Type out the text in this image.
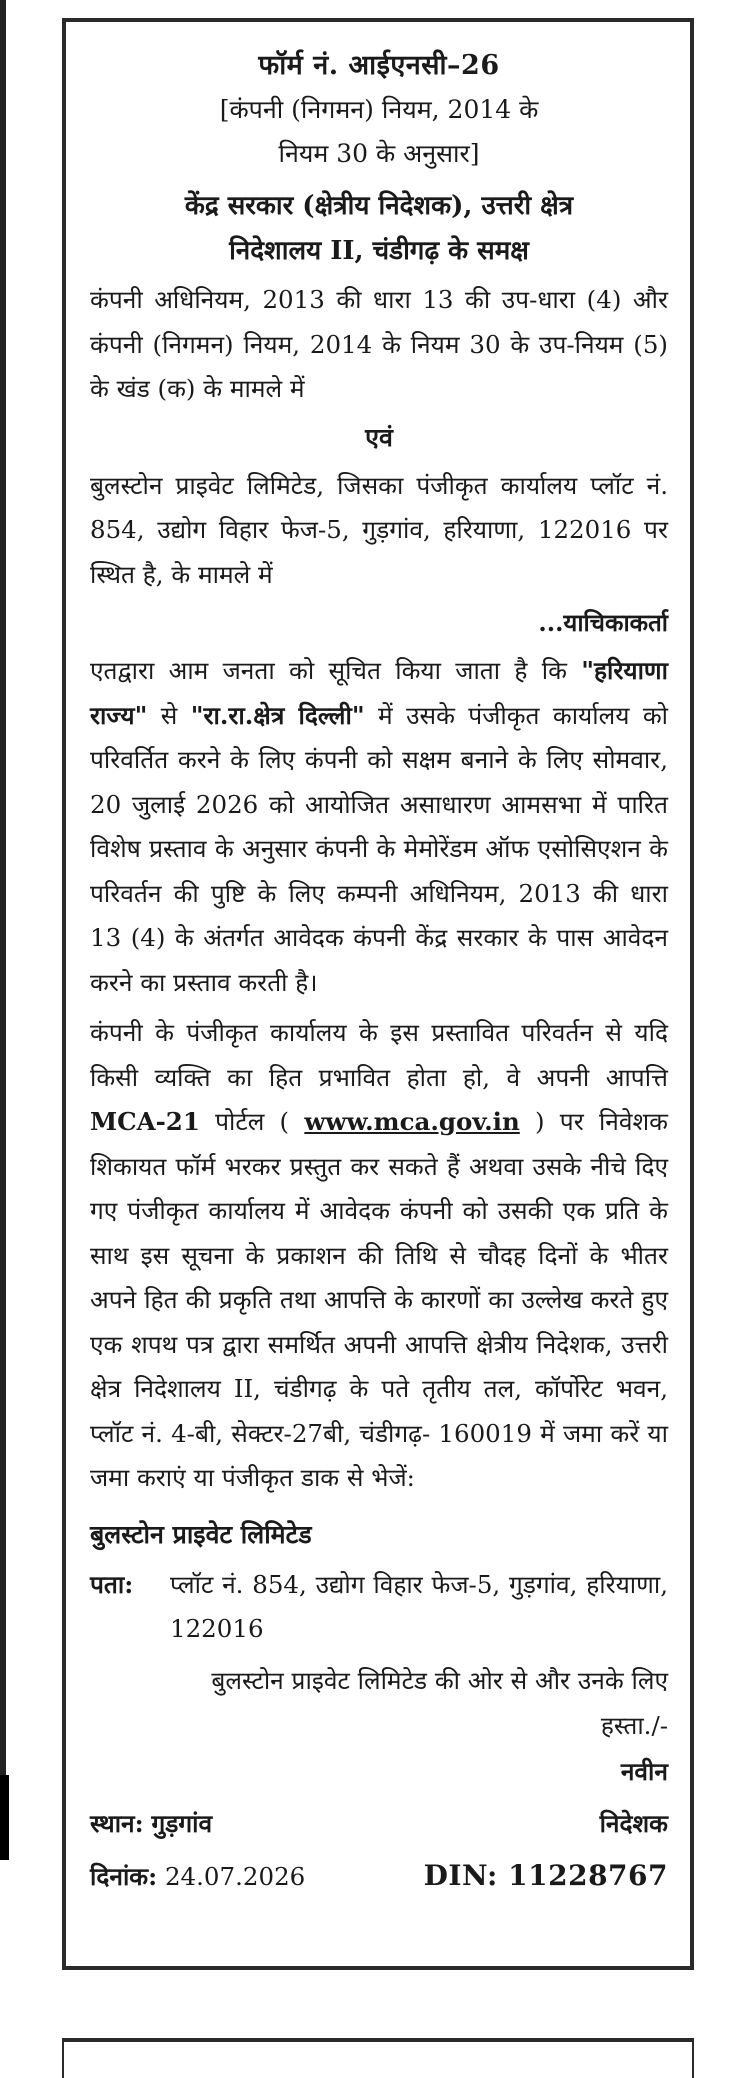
फॉर्म नं. आईएनसी–26

[कंपनी (निगमन) नियम, 2014 के

नियम 30 के अनुसार]

केंद्र सरकार (क्षेत्रीय निदेशक), उत्तरी क्षेत्र
निदेशालय II, चंडीगढ़ के समक्ष

कंपनी अधिनियम, 2013 की धारा 13 की उप-धारा (4) और कंपनी (निगमन) नियम, 2014 के नियम 30 के उप-नियम (5) के खंड (क) के मामले में

एवं

बुलस्टोन प्राइवेट लिमिटेड, जिसका पंजीकृत कार्यालय प्लॉट नं. 854, उद्योग विहार फेज-5, गुड़गांव, हरियाणा, 122016 पर स्थित है, के मामले में

...याचिकाकर्ता

एतद्वारा आम जनता को सूचित किया जाता है कि "हरियाणा राज्य" से "रा.रा.क्षेत्र दिल्ली" में उसके पंजीकृत कार्यालय को परिवर्तित करने के लिए कंपनी को सक्षम बनाने के लिए सोमवार, 20 जुलाई 2026 को आयोजित असाधारण आमसभा में पारित विशेष प्रस्ताव के अनुसार कंपनी के मेमोरेंडम ऑफ एसोसिएशन के परिवर्तन की पुष्टि के लिए कम्पनी अधिनियम, 2013 की धारा 13 (4) के अंतर्गत आवेदक कंपनी केंद्र सरकार के पास आवेदन करने का प्रस्ताव करती है।

कंपनी के पंजीकृत कार्यालय के इस प्रस्तावित परिवर्तन से यदि किसी व्यक्ति का हित प्रभावित होता हो, वे अपनी आपत्ति MCA-21 पोर्टल ( www.mca.gov.in ) पर निवेशक शिकायत फॉर्म भरकर प्रस्तुत कर सकते हैं अथवा उसके नीचे दिए गए पंजीकृत कार्यालय में आवेदक कंपनी को उसकी एक प्रति के साथ इस सूचना के प्रकाशन की तिथि से चौदह दिनों के भीतर अपने हित की प्रकृति तथा आपत्ति के कारणों का उल्लेख करते हुए एक शपथ पत्र द्वारा समर्थित अपनी आपत्ति क्षेत्रीय निदेशक, उत्तरी क्षेत्र निदेशालय II, चंडीगढ़ के पते तृतीय तल, कॉर्पोरेट भवन, प्लॉट नं. 4-बी, सेक्टर-27बी, चंडीगढ़- 160019 में जमा करें या जमा कराएं या पंजीकृत डाक से भेजें:

बुलस्टोन प्राइवेट लिमिटेड

पता:	प्लॉट नं. 854, उद्योग विहार फेज-5, गुड़गांव, हरियाणा, 122016

बुलस्टोन प्राइवेट लिमिटेड की ओर से और उनके लिए

हस्ता./-

नवीन

स्थान: गुड़गांव	निदेशक
दिनांक: 24.07.2026	DIN: 11228767
